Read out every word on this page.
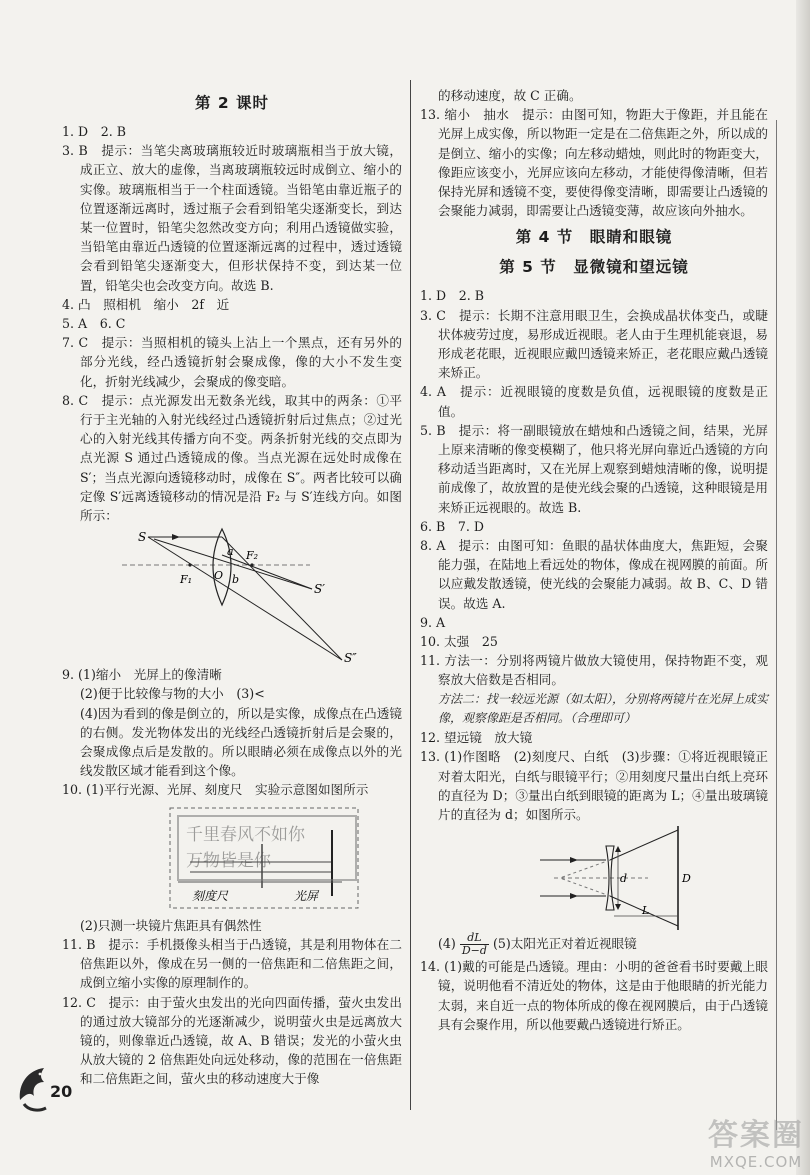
第 2 课时

1. D　2. B

3. B　提示：当笔尖离玻璃瓶较近时玻璃瓶相当于放大镜，成正立、放大的虚像，当离玻璃瓶较远时成倒立、缩小的实像。玻璃瓶相当于一个柱面透镜。当铅笔由靠近瓶子的位置逐渐远离时，透过瓶子会看到铅笔尖逐渐变长，到达某一位置时，铅笔尖忽然改变方向；利用凸透镜做实验，当铅笔由靠近凸透镜的位置逐渐远离的过程中，透过透镜会看到铅笔尖逐渐变大，但形状保持不变，到达某一位置，铅笔尖也会改变方向。故选 B.

4. 凸　照相机　缩小　2f　近

5. A　6. C

7. C　提示：当照相机的镜头上沾上一个黑点，还有另外的部分光线，经凸透镜折射会聚成像，像的大小不发生变化，折射光线减少，会聚成的像变暗。

8. C　提示：点光源发出无数条光线，取其中的两条：①平行于主光轴的入射光线经过凸透镜折射后过焦点；②过光心的入射光线其传播方向不变。两条折射光线的交点即为点光源 S 通过凸透镜成的像。当点光源在远处时成像在 S′；当点光源向透镜移动时，成像在 S″。两者比较可以确定像 S′远离透镜移动的情况是沿 F₂ 与 S′连线方向。如图所示：

S
a F₂
F₁ O b
S′
S″

9. (1)缩小　光屏上的像清晰

(2)便于比较像与物的大小　(3)<

(4)因为看到的像是倒立的，所以是实像，成像点在凸透镜的右侧。发光物体发出的光线经凸透镜折射后是会聚的，会聚成像点后是发散的。所以眼睛必须在成像点以外的光线发散区域才能看到这个像。

10. (1)平行光源、光屏、刻度尺　实验示意图如图所示

刻度尺	光屏
千里春风不如你
万物皆是你

(2)只测一块镜片焦距具有偶然性

11. B　提示：手机摄像头相当于凸透镜，其是利用物体在二倍焦距以外，像成在另一侧的一倍焦距和二倍焦距之间，成倒立缩小实像的原理制作的。

12. C　提示：由于萤火虫发出的光向四面传播，萤火虫发出的通过放大镜部分的光逐渐减少，说明萤火虫是远离放大镜的，则像靠近凸透镜，故 A、B 错误；发光的小萤火虫从放大镜的 2 倍焦距处向远处移动，像的范围在一倍焦距和二倍焦距之间，萤火虫的移动速度大于像

的移动速度，故 C 正确。

13. 缩小　抽水　提示：由图可知，物距大于像距，并且能在光屏上成实像，所以物距一定是在二倍焦距之外，所以成的是倒立、缩小的实像；向左移动蜡烛，则此时的物距变大，像距应该变小，光屏应该向左移动，才能使得像清晰，但若保持光屏和透镜不变，要使得像变清晰，即需要让凸透镜的会聚能力减弱，即需要让凸透镜变薄，故应该向外抽水。

第 4 节　眼睛和眼镜
第 5 节　显微镜和望远镜

1. D　2. B

3. C　提示：长期不注意用眼卫生，会换成晶状体变凸，或睫状体疲劳过度，易形成近视眼。老人由于生理机能衰退，易形成老花眼，近视眼应戴凹透镜来矫正，老花眼应戴凸透镜来矫正。

4. A　提示：近视眼镜的度数是负值，远视眼镜的度数是正值。

5. B　提示：将一副眼镜放在蜡烛和凸透镜之间，结果，光屏上原来清晰的像变模糊了，他只将光屏向靠近凸透镜的方向移动适当距离时，又在光屏上观察到蜡烛清晰的像，说明提前成像了，故放置的是使光线会聚的凸透镜，这种眼镜是用来矫正远视眼的。故选 B.

6. B　7. D

8. A　提示：由图可知：鱼眼的晶状体曲度大，焦距短，会聚能力强，在陆地上看远处的物体，像成在视网膜的前面。所以应戴发散透镜，使光线的会聚能力减弱。故 B、C、D 错误。故选 A.

9. A

10. 太强　25

11. 方法一：分别将两镜片做放大镜使用，保持物距不变，观察放大倍数是否相同。

方法二：找一较远光源（如太阳），分别将两镜片在光屏上成实像，观察像距是否相同。（合理即可）

12. 望远镜　放大镜

13. (1)作图略　(2)刻度尺、白纸　(3)步骤：①将近视眼镜正对着太阳光，白纸与眼镜平行；②用刻度尺量出白纸上亮环的直径为 D；③量出白纸到眼镜的距离为 L；④量出玻璃镜片的直径为 d；如图所示。

d
L
D

$(4) \frac{dL}{D-d} (5)$太阳光正对着近视眼镜

14. (1)戴的可能是凸透镜。理由：小明的爸爸看书时要戴上眼镜，说明他看不清近处的物体，这是由于他眼睛的折光能力太弱，来自近一点的物体所成的像在视网膜后，由于凸透镜具有会聚作用，所以他要戴凸透镜进行矫正。

20
答案圈
MXQE.COM
